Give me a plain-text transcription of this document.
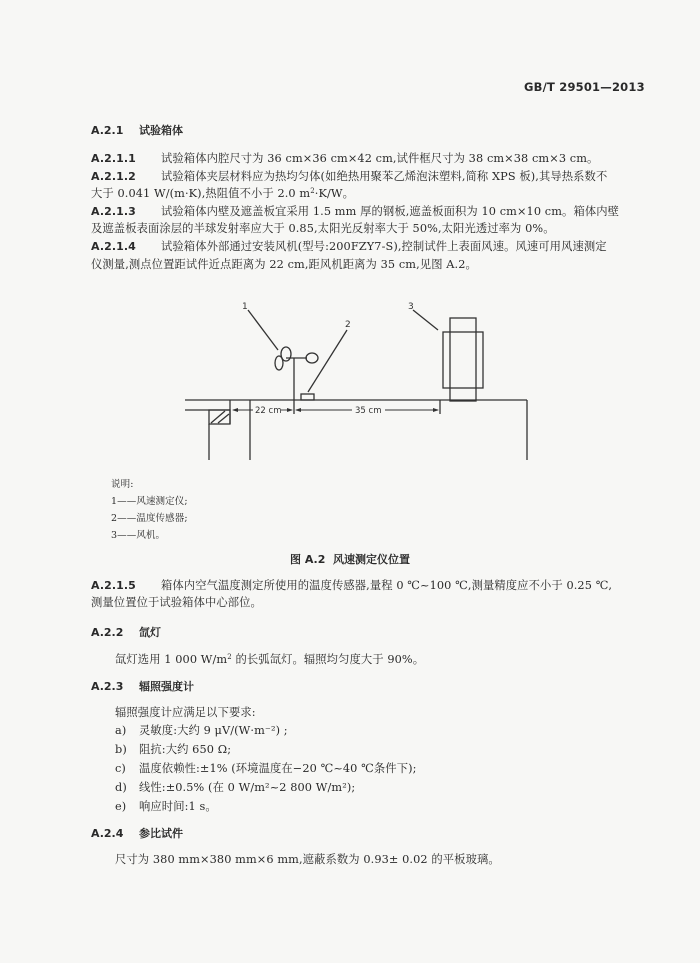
GB/T 29501—2013
A.2.1 试验箱体
A.2.1.1 试验箱体内腔尺寸为 36 cm×36 cm×42 cm,试件框尺寸为 38 cm×38 cm×3 cm。
A.2.1.2 试验箱体夹层材料应为热均匀体(如绝热用聚苯乙烯泡沫塑料,简称 XPS 板),其导热系数不
大于 0.041 W/(m·K),热阻值不小于 2.0 $m^2\cdot K/W$。
A.2.1.3 试验箱体内壁及遮盖板宜采用 1.5 mm 厚的钢板,遮盖板面积为 10 cm×10 cm。箱体内壁
及遮盖板表面涂层的半球发射率应大于 0.85,太阳光反射率大于 50%,太阳光透过率为 0%。
A.2.1.4 试验箱体外部通过安装风机(型号:200FZY7-S),控制试件上表面风速。风速可用风速测定
仪测量,测点位置距试件近点距离为 22 cm,距风机距离为 35 cm,见图 A.2。
1
2
3
22 cm	35 cm
说明:
1——风速测定仪;
2——温度传感器;
3——风机。
图 A.2  风速测定仪位置
A.2.1.5 箱体内空气温度测定所使用的温度传感器,量程 0 ℃~100 ℃,测量精度应不小于 0.25 ℃,
测量位置位于试验箱体中心部位。
A.2.2 氙灯
氙灯选用 1 000 $W/m^2$ 的长弧氙灯。辐照均匀度大于 90%。
A.2.3 辐照强度计
辐照强度计应满足以下要求:
a) 灵敏度:大约 9 μV/(W·m⁻²) ;
b) 阻抗:大约 650 Ω;
c) 温度依赖性:±1% (环境温度在−20 ℃~40 ℃条件下);
d) 线性:±0.5% (在 0 W/m²~2 800 W/m²);
e) 响应时间:1 s。
A.2.4 参比试件
尺寸为 380 mm×380 mm×6 mm,遮蔽系数为 0.93± 0.02 的平板玻璃。
